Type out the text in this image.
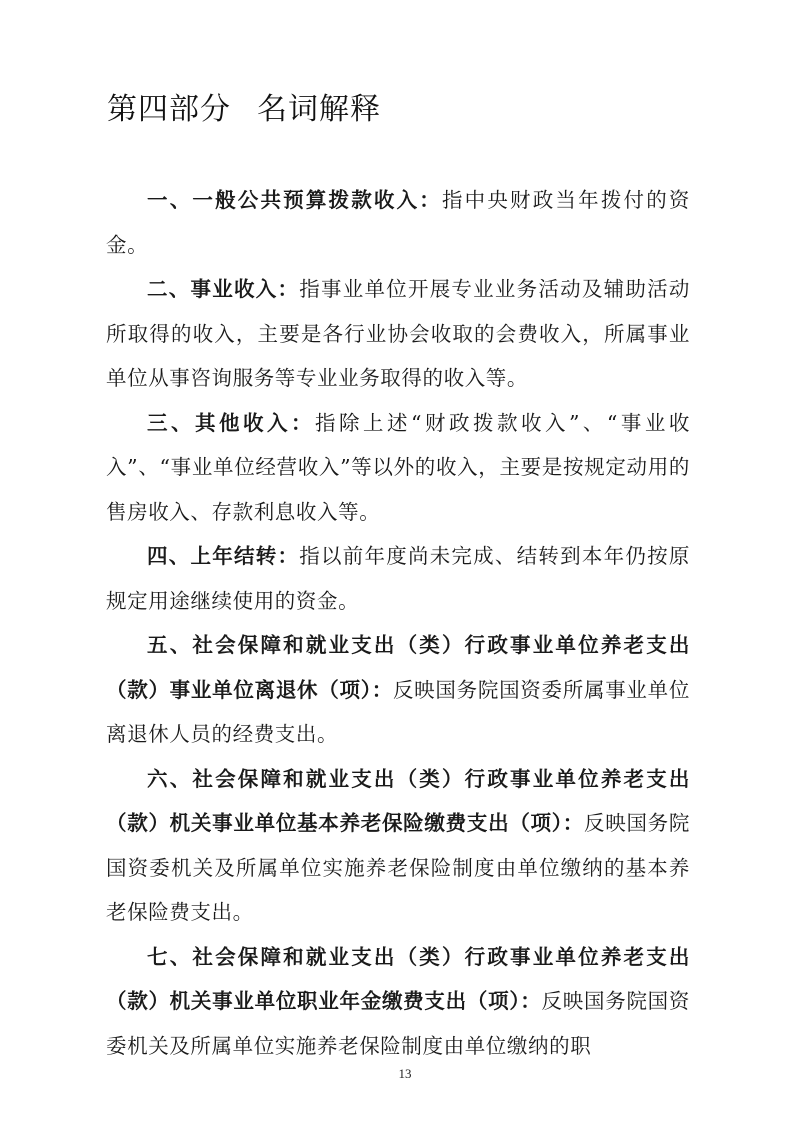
第四部分 名词解释

一、一般公共预算拨款收入：指中央财政当年拨付的资金。

二、事业收入：指事业单位开展专业业务活动及辅助活动所取得的收入，主要是各行业协会收取的会费收入，所属事业单位从事咨询服务等专业业务取得的收入等。

三、其他收入：指除上述“财政拨款收入”、“事业收入”、“事业单位经营收入”等以外的收入，主要是按规定动用的售房收入、存款利息收入等。

四、上年结转：指以前年度尚未完成、结转到本年仍按原规定用途继续使用的资金。

五、社会保障和就业支出（类）行政事业单位养老支出（款）事业单位离退休（项）：反映国务院国资委所属事业单位离退休人员的经费支出。

六、社会保障和就业支出（类）行政事业单位养老支出（款）机关事业单位基本养老保险缴费支出（项）：反映国务院国资委机关及所属单位实施养老保险制度由单位缴纳的基本养老保险费支出。

七、社会保障和就业支出（类）行政事业单位养老支出（款）机关事业单位职业年金缴费支出（项）：反映国务院国资委机关及所属单位实施养老保险制度由单位缴纳的职

13
